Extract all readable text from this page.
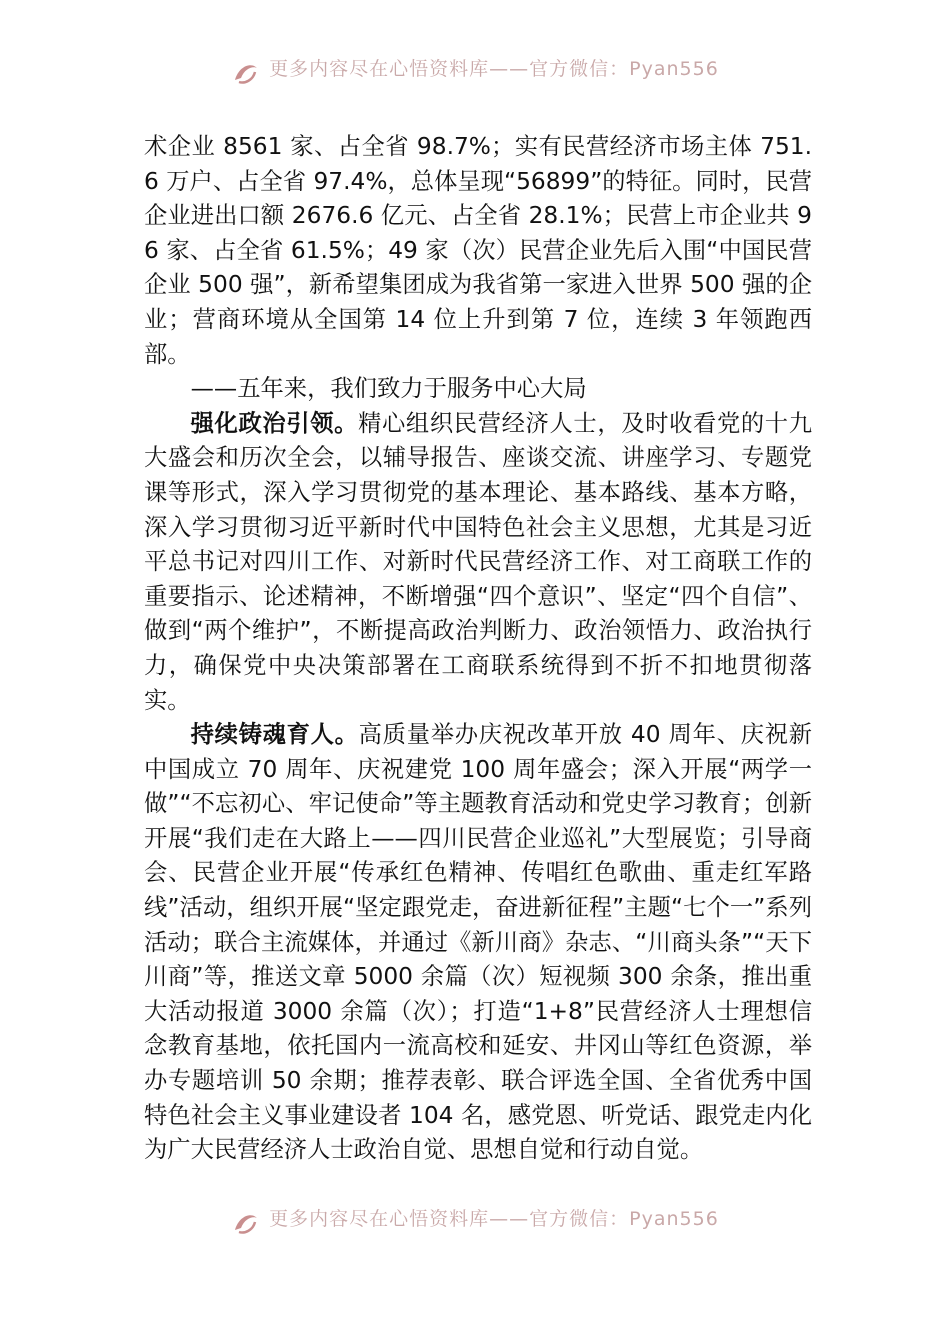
更多内容尽在心悟资料库——官方微信：Pyan556

术企业 8561 家、占全省 98.7%；实有民营经济市场主体 751.6 万户、占全省 97.4%，总体呈现“56899”的特征。同时，民营企业进出口额 2676.6 亿元、占全省 28.1%；民营上市企业共 96 家、占全省 61.5%；49 家（次）民营企业先后入围“中国民营企业 500 强”，新希望集团成为我省第一家进入世界 500 强的企业；营商环境从全国第 14 位上升到第 7 位，连续 3 年领跑西部。

——五年来，我们致力于服务中心大局

强化政治引领。精心组织民营经济人士，及时收看党的十九大盛会和历次全会，以辅导报告、座谈交流、讲座学习、专题党课等形式，深入学习贯彻党的基本理论、基本路线、基本方略，深入学习贯彻习近平新时代中国特色社会主义思想，尤其是习近平总书记对四川工作、对新时代民营经济工作、对工商联工作的重要指示、论述精神，不断增强“四个意识”、坚定“四个自信”、做到“两个维护”，不断提高政治判断力、政治领悟力、政治执行力，确保党中央决策部署在工商联系统得到不折不扣地贯彻落实。

持续铸魂育人。高质量举办庆祝改革开放 40 周年、庆祝新中国成立 70 周年、庆祝建党 100 周年盛会；深入开展“两学一做”“不忘初心、牢记使命”等主题教育活动和党史学习教育；创新开展“我们走在大路上——四川民营企业巡礼”大型展览；引导商会、民营企业开展“传承红色精神、传唱红色歌曲、重走红军路线”活动，组织开展“坚定跟党走，奋进新征程”主题“七个一”系列活动；联合主流媒体，并通过《新川商》杂志、“川商头条”“天下川商”等，推送文章 5000 余篇（次）短视频 300 余条，推出重大活动报道 3000 余篇（次）；打造“1+8”民营经济人士理想信念教育基地，依托国内一流高校和延安、井冈山等红色资源，举办专题培训 50 余期；推荐表彰、联合评选全国、全省优秀中国特色社会主义事业建设者 104 名，感党恩、听党话、跟党走内化为广大民营经济人士政治自觉、思想自觉和行动自觉。

更多内容尽在心悟资料库——官方微信：Pyan556
